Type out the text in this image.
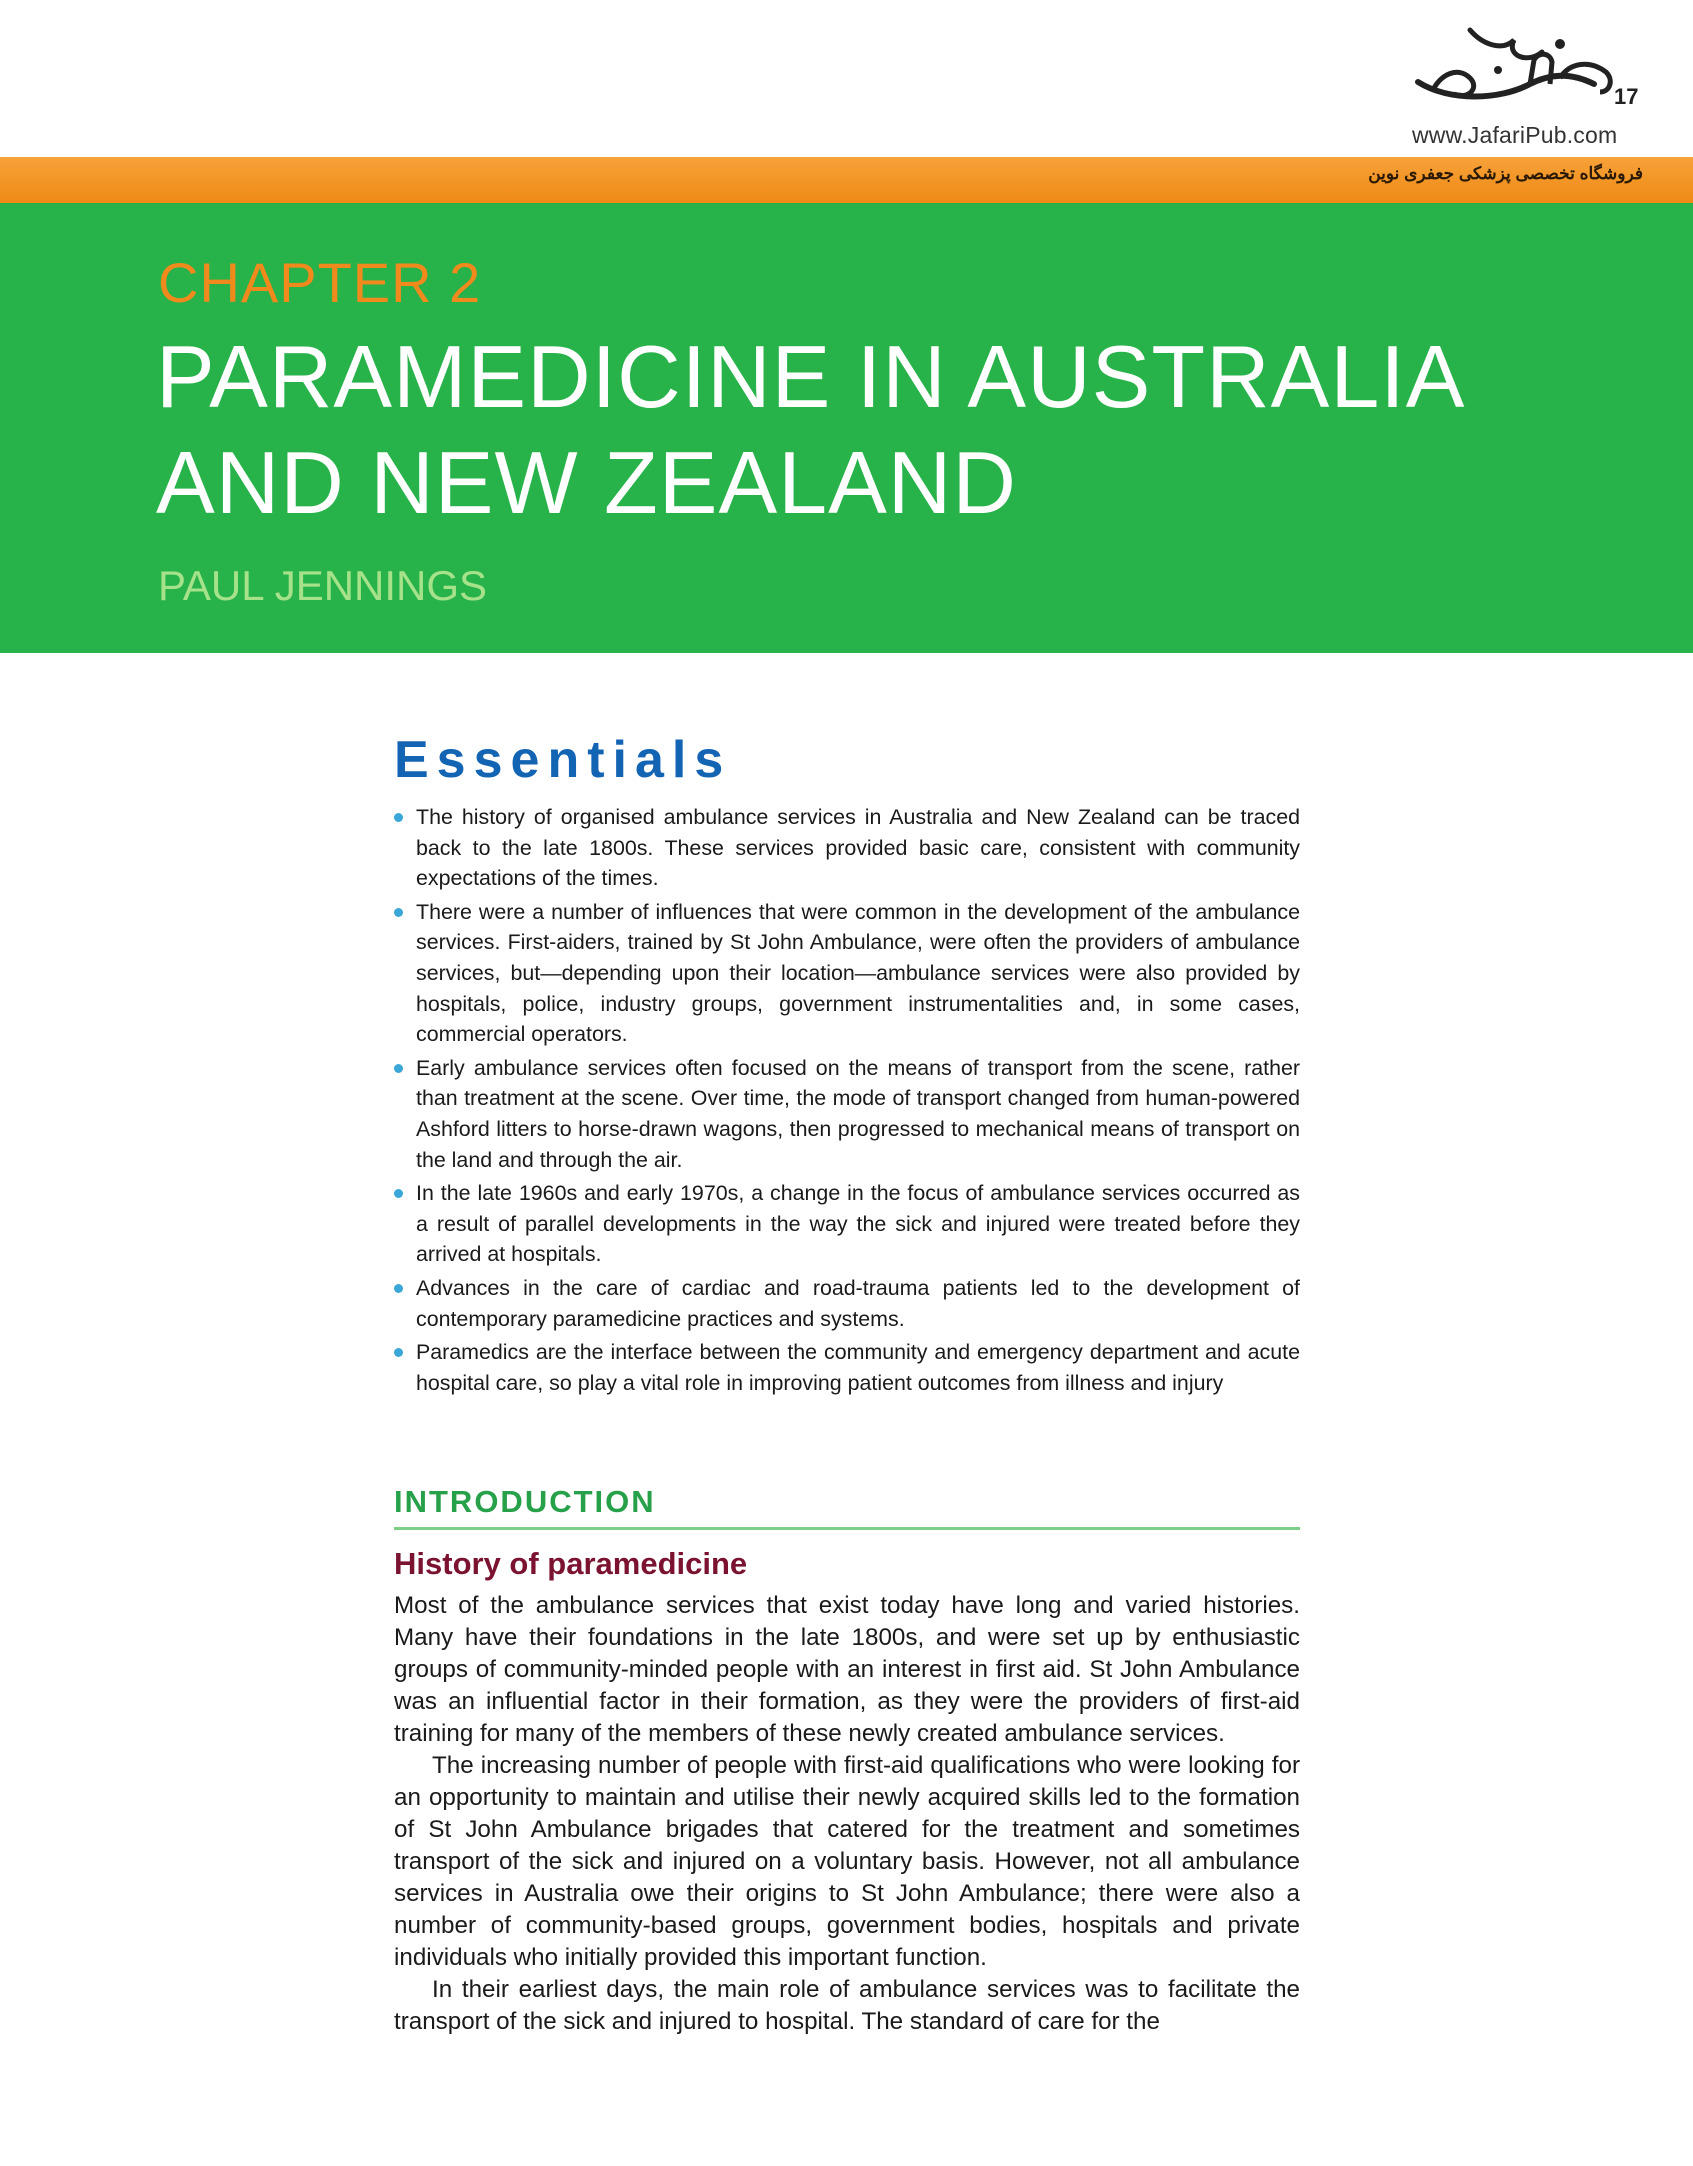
17
www.JafariPub.com
فروشگاه تخصصی پزشکی جعفری نوین
CHAPTER 2
PARAMEDICINE IN AUSTRALIA AND NEW ZEALAND
PAUL JENNINGS
Essentials
The history of organised ambulance services in Australia and New Zealand can be traced back to the late 1800s. These services provided basic care, consistent with community expectations of the times.
There were a number of influences that were common in the development of the ambulance services. First-aiders, trained by St John Ambulance, were often the providers of ambulance services, but—depending upon their location—ambulance services were also provided by hospitals, police, industry groups, government instrumentalities and, in some cases, commercial operators.
Early ambulance services often focused on the means of transport from the scene, rather than treatment at the scene. Over time, the mode of transport changed from human-powered Ashford litters to horse-drawn wagons, then progressed to mechanical means of transport on the land and through the air.
In the late 1960s and early 1970s, a change in the focus of ambulance services occurred as a result of parallel developments in the way the sick and injured were treated before they arrived at hospitals.
Advances in the care of cardiac and road-trauma patients led to the development of contemporary paramedicine practices and systems.
Paramedics are the interface between the community and emergency department and acute hospital care, so play a vital role in improving patient outcomes from illness and injury
INTRODUCTION
History of paramedicine

Most of the ambulance services that exist today have long and varied histories. Many have their foundations in the late 1800s, and were set up by enthusiastic groups of community-minded people with an interest in first aid. St John Ambulance was an influential factor in their formation, as they were the providers of first-aid training for many of the members of these newly created ambulance services.

The increasing number of people with first-aid qualifications who were looking for an opportunity to maintain and utilise their newly acquired skills led to the formation of St John Ambulance brigades that catered for the treatment and sometimes transport of the sick and injured on a voluntary basis. However, not all ambulance services in Australia owe their origins to St John Ambulance; there were also a number of community-based groups, government bodies, hospitals and private individuals who initially provided this important function.

In their earliest days, the main role of ambulance services was to facilitate the transport of the sick and injured to hospital. The standard of care for the
